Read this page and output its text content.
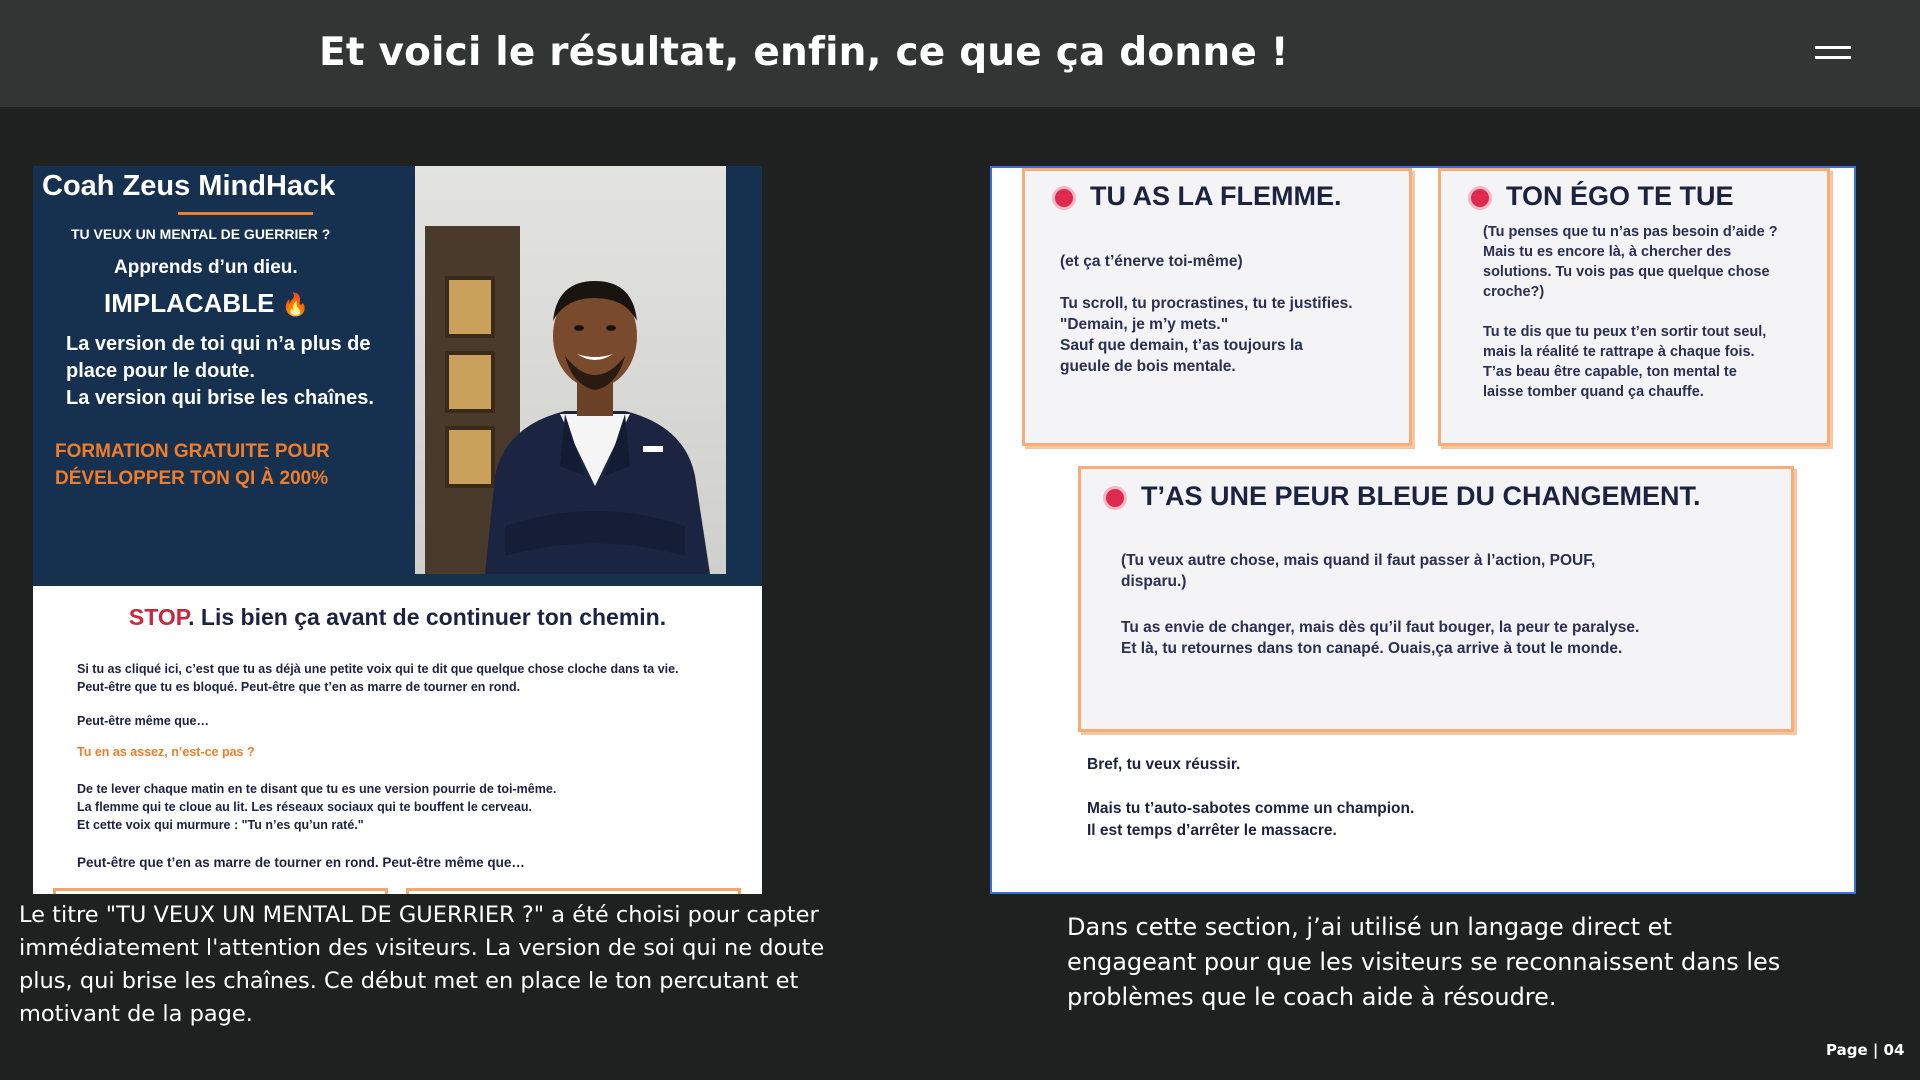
Et voici le résultat, enfin, ce que ça donne !
Coah Zeus MindHack
TU VEUX UN MENTAL DE GUERRIER ?
Apprends d’un dieu.
IMPLACABLE 🔥
La version de toi qui n’a plus de
place pour le doute.
La version qui brise les chaînes.
FORMATION GRATUITE POUR
DÉVELOPPER TON QI À 200%
STOP. Lis bien ça avant de continuer ton chemin.
Si tu as cliqué ici, c’est que tu as déjà une petite voix qui te dit que quelque chose cloche dans ta vie.
Peut-être que tu es bloqué. Peut-être que t’en as marre de tourner en rond.
Peut-être même que…
Tu en as assez, n’est-ce pas ?
De te lever chaque matin en te disant que tu es une version pourrie de toi-même.
La flemme qui te cloue au lit. Les réseaux sociaux qui te bouffent le cerveau.
Et cette voix qui murmure : "Tu n’es qu’un raté."
Peut-être que t’en as marre de tourner en rond. Peut-être même que…
TU AS LA FLEMME.
(et ça t’énerve toi-même)
Tu scroll, tu procrastines, tu te justifies.
"Demain, je m’y mets."
Sauf que demain, t’as toujours la
gueule de bois mentale.
TON ÉGO TE TUE
(Tu penses que tu n’as pas besoin d’aide ?
Mais tu es encore là, à chercher des
solutions. Tu vois pas que quelque chose
croche?)
Tu te dis que tu peux t’en sortir tout seul,
mais la réalité te rattrape à chaque fois.
T’as beau être capable, ton mental te
laisse tomber quand ça chauffe.
T’AS UNE PEUR BLEUE DU CHANGEMENT.
(Tu veux autre chose, mais quand il faut passer à l’action, POUF,
disparu.)
Tu as envie de changer, mais dès qu’il faut bouger, la peur te paralyse.
Et là, tu retournes dans ton canapé. Ouais,ça arrive à tout le monde.
Bref, tu veux réussir.
Mais tu t’auto-sabotes comme un champion.
Il est temps d’arrêter le massacre.
Le titre "TU VEUX UN MENTAL DE GUERRIER ?" a été choisi pour capter immédiatement l'attention des visiteurs. La version de soi qui ne doute plus, qui brise les chaînes. Ce début met en place le ton percutant et motivant de la page.
Dans cette section, j’ai utilisé un langage direct et engageant pour que les visiteurs se reconnaissent dans les problèmes que le coach aide à résoudre.
Page | 04
